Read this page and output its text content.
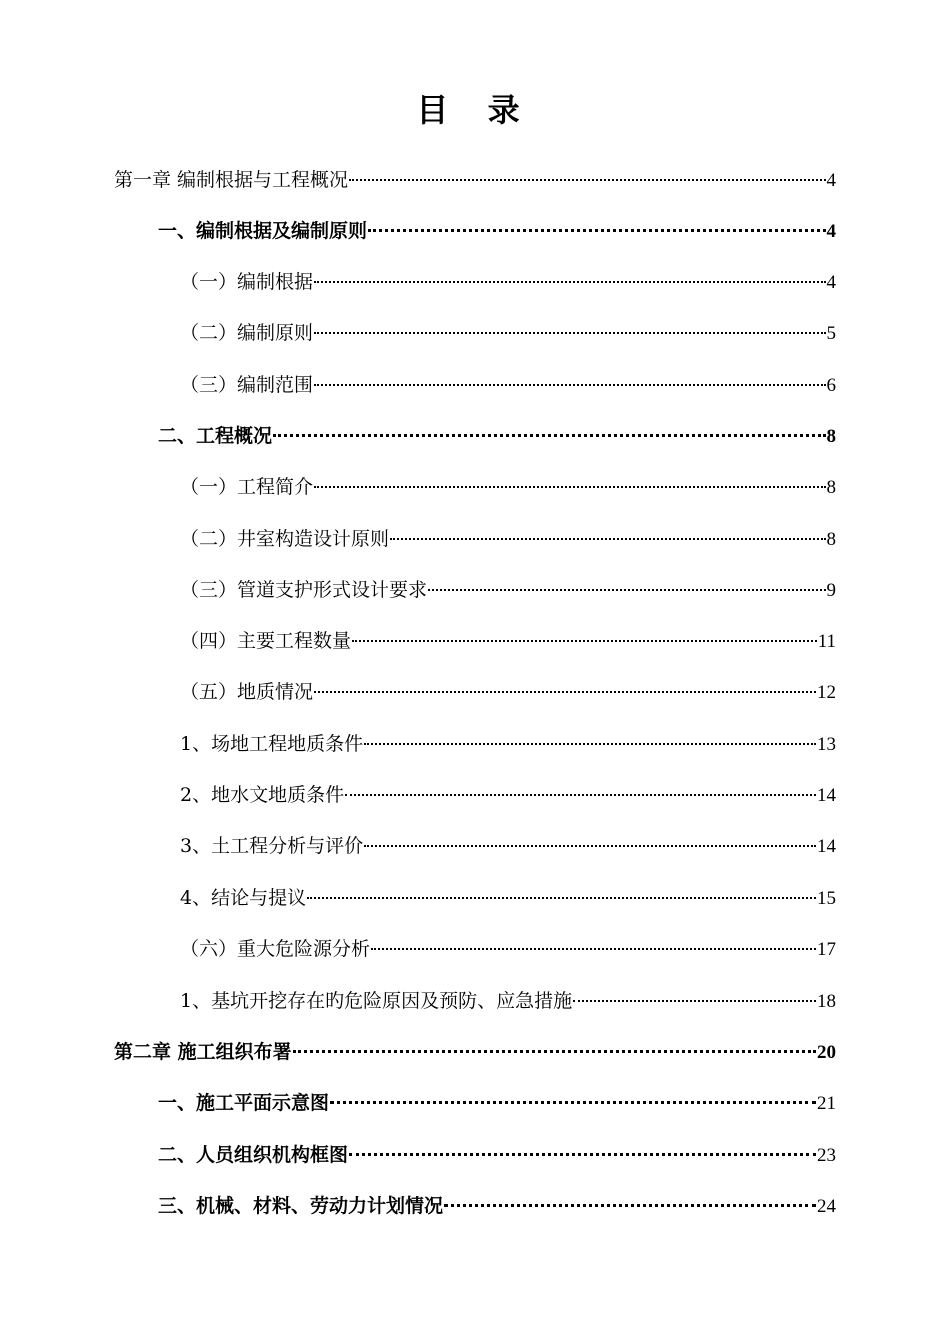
目 录
第一章 编制根据与工程概况	4
一、编制根据及编制原则	4
（一）编制根据	4
（二）编制原则	5
（三）编制范围	6
二、工程概况	8
（一）工程简介	8
（二）井室构造设计原则	8
（三）管道支护形式设计要求	9
（四）主要工程数量	11
（五）地质情况	12
1、场地工程地质条件	13
2、地水文地质条件	14
3、土工程分析与评价	14
4、结论与提议	15
（六）重大危险源分析	17
1、基坑开挖存在旳危险原因及预防、应急措施	18
第二章 施工组织布署	20
一、施工平面示意图	21
二、人员组织机构框图	23
三、机械、材料、劳动力计划情况	24
